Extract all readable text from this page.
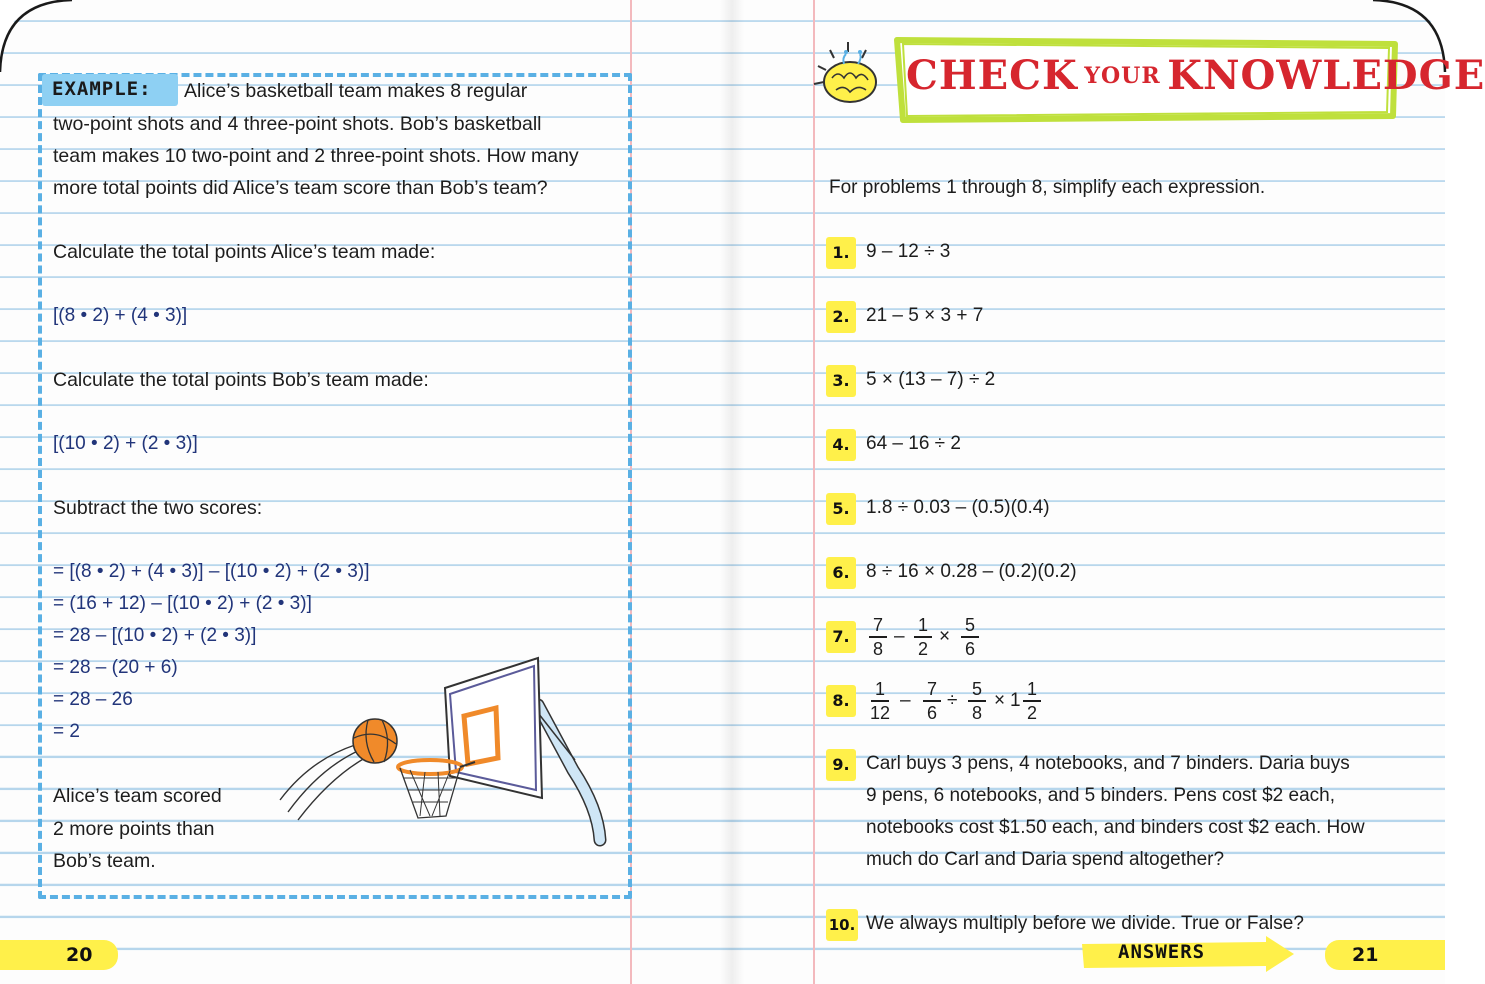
EXAMPLE: Alice’s basketball team makes 8 regular
two-point shots and 4 three-point shots. Bob’s basketball
team makes 10 two-point and 2 three-point shots. How many
more total points did Alice’s team score than Bob’s team?
Calculate the total points Alice’s team made:
[(8 • 2) + (4 • 3)]
Calculate the total points Bob’s team made:
[(10 • 2) + (2 • 3)]
Subtract the two scores:
= [(8 • 2) + (4 • 3)] – [(10 • 2) + (2 • 3)]
= (16 + 12) – [(10 • 2) + (2 • 3)]
= 28 – [(10 • 2) + (2 • 3)]
= 28 – (20 + 6)
= 28 – 26
= 2
Alice’s team scored
2 more points than
Bob’s team.
20
CHECK YOUR KNOWLEDGE
For problems 1 through 8, simplify each expression.
1. 9 – 12 ÷ 3
2. 21 – 5 × 3 + 7
3. 5 × (13 – 7) ÷ 2
4. 64 – 16 ÷ 2
5. 1.8 ÷ 0.03 – (0.5)(0.4)
6. 8 ÷ 16 × 0.28 – (0.2)(0.2)
7.
7
8
–
1
2
×
5
6
8.
1
12
–
7
6
÷
5
8
× 1
1
2
9. Carl buys 3 pens, 4 notebooks, and 7 binders. Daria buys
9 pens, 6 notebooks, and 5 binders. Pens cost $2 each,
notebooks cost $1.50 each, and binders cost $2 each. How
much do Carl and Daria spend altogether?
10. We always multiply before we divide. True or False?
ANSWERS	21
